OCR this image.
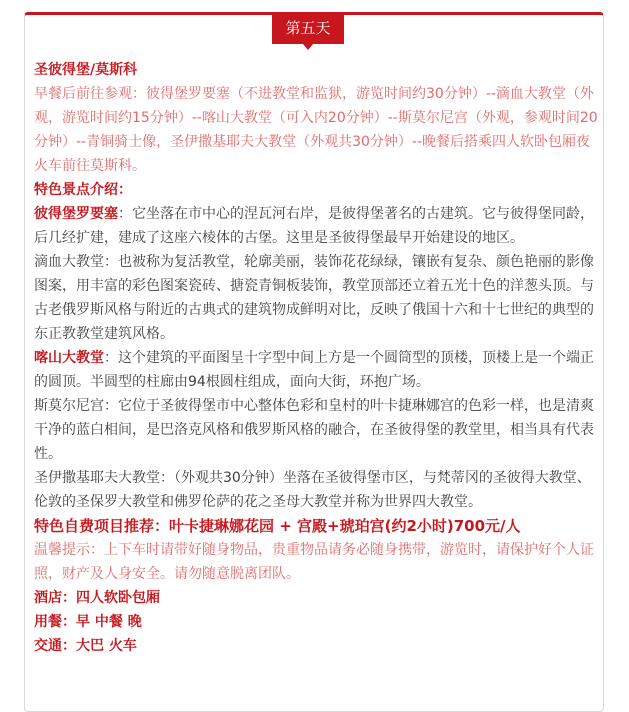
第五天

圣彼得堡/莫斯科

早餐后前往参观：彼得堡罗要塞（不进教堂和监狱，游览时间约30分钟）--滴血大教堂（外观，游览时间约15分钟）--喀山大教堂（可入内20分钟）--斯莫尔尼宫（外观，参观时间20分钟）--青铜骑士像，圣伊撒基耶夫大教堂（外观共30分钟）--晚餐后搭乘四人软卧包厢夜火车前往莫斯科。

特色景点介绍：

彼得堡罗要塞：它坐落在市中心的涅瓦河右岸，是彼得堡著名的古建筑。它与彼得堡同龄，后几经扩建，建成了这座六棱体的古堡。这里是圣彼得堡最早开始建设的地区。

滴血大教堂：也被称为复活教堂，轮廓美丽，装饰花花绿绿，镶嵌有复杂、颜色艳丽的影像图案，用丰富的彩色图案瓷砖、搪瓷青铜板装饰，教堂顶部还立着五光十色的洋葱头顶。与古老俄罗斯风格与附近的古典式的建筑物成鲜明对比，反映了俄国十六和十七世纪的典型的东正教教堂建筑风格。

喀山大教堂：这个建筑的平面图呈十字型中间上方是一个圆筒型的顶楼，顶楼上是一个端正的圆顶。半圆型的柱廊由94根圆柱组成，面向大街，环抱广场。

斯莫尔尼宫：它位于圣彼得堡市中心整体色彩和皇村的叶卡捷琳娜宫的色彩一样，也是清爽干净的蓝白相间，是巴洛克风格和俄罗斯风格的融合，在圣彼得堡的教堂里，相当具有代表性。

圣伊撒基耶夫大教堂：（外观共30分钟）坐落在圣彼得堡市区，与梵蒂冈的圣彼得大教堂、伦敦的圣保罗大教堂和佛罗伦萨的花之圣母大教堂并称为世界四大教堂。

特色自费项目推荐：叶卡捷琳娜花园 + 宫殿+琥珀宫(约2小时)700元/人

温馨提示：上下车时请带好随身物品，贵重物品请务必随身携带，游览时，请保护好个人证照，财产及人身安全。请勿随意脱离团队。

酒店：四人软卧包厢

用餐：早 中餐 晚

交通：大巴 火车
